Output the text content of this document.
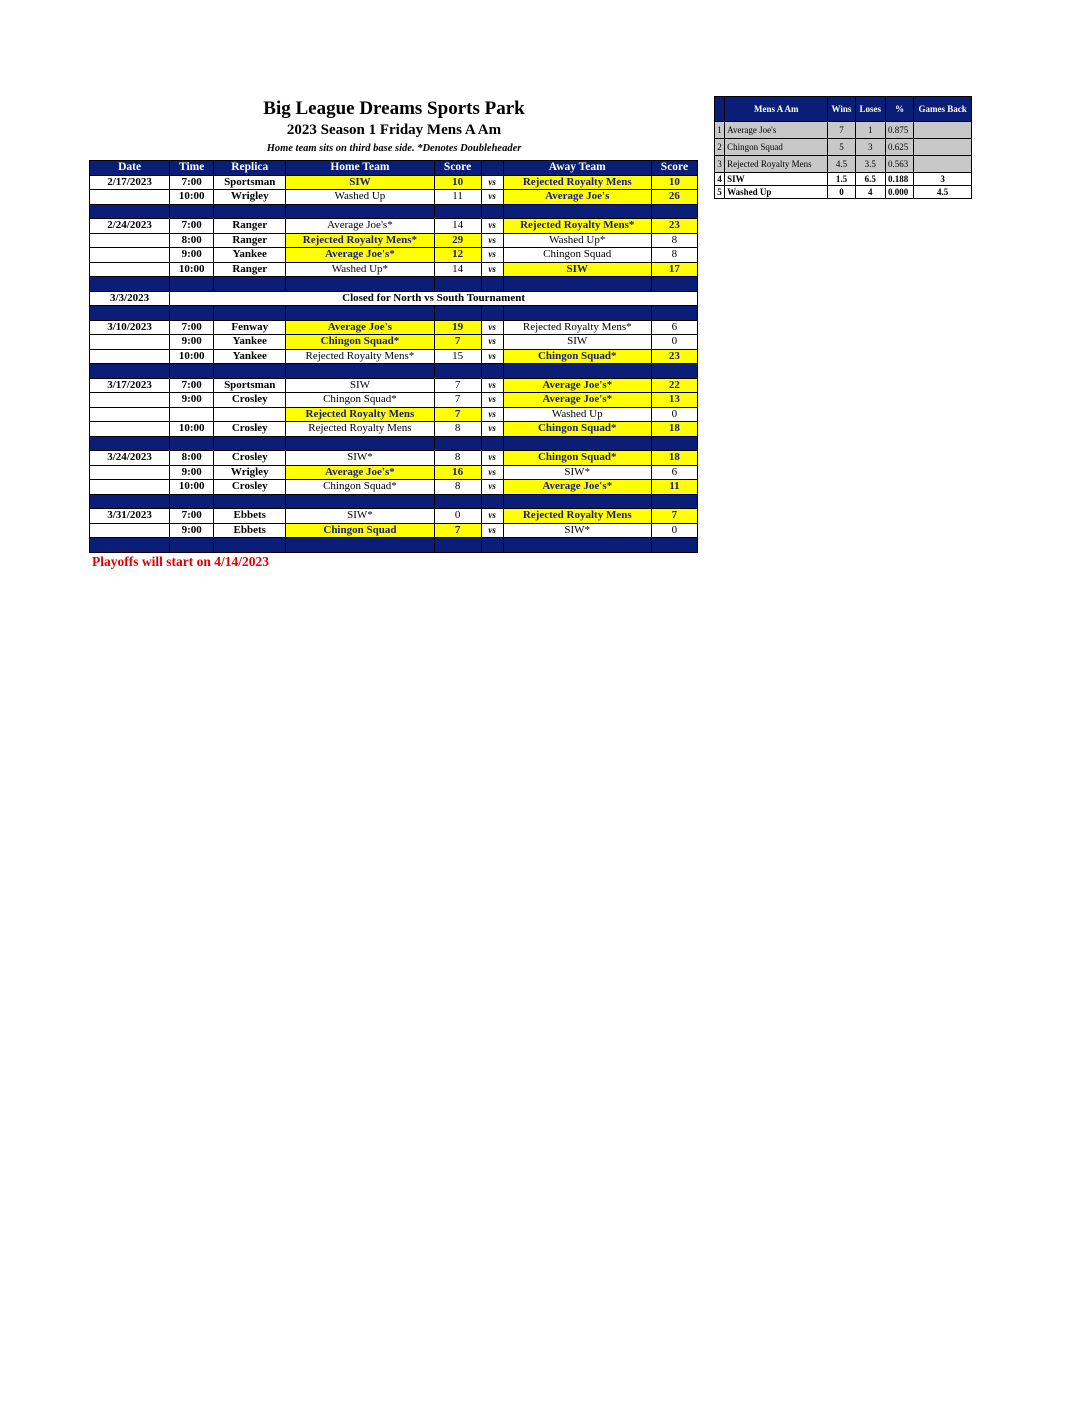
Big League Dreams Sports Park
2023 Season 1 Friday Mens A Am
Home team sits on third base side. *Denotes Doubleheader
Date	Time	Replica	Home Team	Score		Away Team	Score
2/17/2023	7:00	Sportsman	SIW	10	vs	Rejected Royalty Mens	10
	10:00	Wrigley	Washed Up	11	vs	Average Joe's	26

2/24/2023	7:00	Ranger	Average Joe's*	14	vs	Rejected Royalty Mens*	23
	8:00	Ranger	Rejected Royalty Mens*	29	vs	Washed Up*	8
	9:00	Yankee	Average Joe's*	12	vs	Chingon Squad	8
	10:00	Ranger	Washed Up*	14	vs	SIW	17

3/3/2023	Closed for North vs South Tournament						

3/10/2023	7:00	Fenway	Average Joe's	19	vs	Rejected Royalty Mens*	6
	9:00	Yankee	Chingon Squad*	7	vs	SIW	0
	10:00	Yankee	Rejected Royalty Mens*	15	vs	Chingon Squad*	23

3/17/2023	7:00	Sportsman	SIW	7	vs	Average Joe's*	22
	9:00	Crosley	Chingon Squad*	7	vs	Average Joe's*	13
			Rejected Royalty Mens	7	vs	Washed Up	0
	10:00	Crosley	Rejected Royalty Mens	8	vs	Chingon Squad*	18

3/24/2023	8:00	Crosley	SIW*	8	vs	Chingon Squad*	18
	9:00	Wrigley	Average Joe's*	16	vs	SIW*	6
	10:00	Crosley	Chingon Squad*	8	vs	Average Joe's*	11

3/31/2023	7:00	Ebbets	SIW*	0	vs	Rejected Royalty Mens	7
	9:00	Ebbets	Chingon Squad	7	vs	SIW*	0

Playoffs will start on 4/14/2023
	Mens A Am	Wins	Loses	%	Games Back
1	Average Joe's	7	1	0.875	
2	Chingon Squad	5	3	0.625	
3	Rejected Royalty Mens	4.5	3.5	0.563	
4	SIW	1.5	6.5	0.188	3
5	Washed Up	0	4	0.000	4.5
